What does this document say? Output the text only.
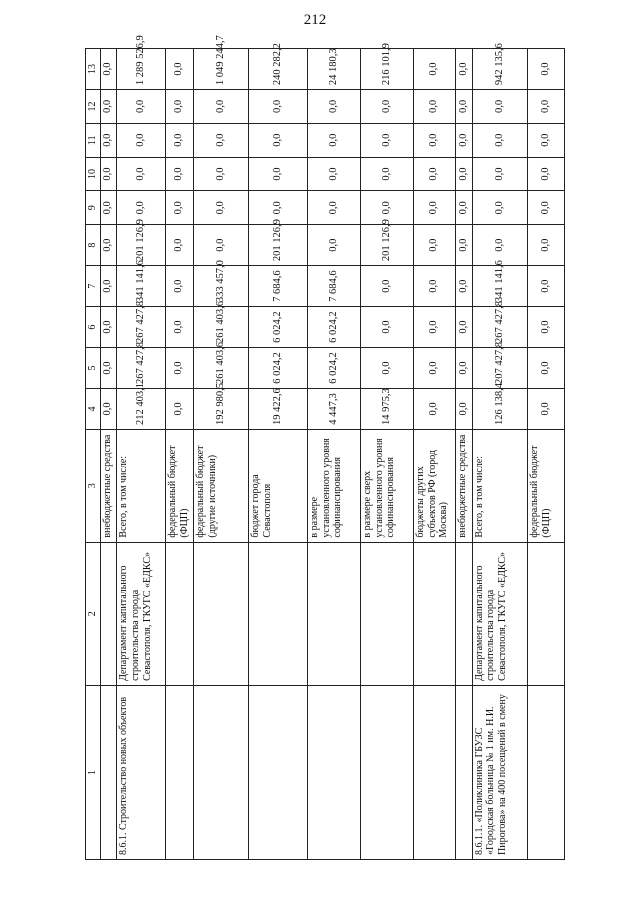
212
1	2	3	4	5	6	7	8	9	10	11	12	13
		внебюджетные средства	0,0	0,0	0,0	0,0	0,0	0,0	0,0	0,0	0,0	0,0
8.6.1. Строительство новых объектов	Департамент капитального строительства города Севастополя, ГКУГС «ЕДКС»	Всего, в том числе:	212 403,1	267 427,8	267 427,8	341 141,6	201 126,9	0,0	0,0	0,0	0,0	1 289 526,9
		федеральный бюджет (ФЦП)	0,0	0,0	0,0	0,0	0,0	0,0	0,0	0,0	0,0	0,0
		федеральный бюджет (другие источники)	192 980,5	261 403,6	261 403,6	333 457,0	0,0	0,0	0,0	0,0	0,0	1 049 244,7
		бюджет города Севастополя	19 422,6	6 024,2	6 024,2	7 684,6	201 126,9	0,0	0,0	0,0	0,0	240 282,2
		в размере установленного уровня софинансирования	4 447,3	6 024,2	6 024,2	7 684,6	0,0	0,0	0,0	0,0	0,0	24 180,3
		в размере сверх установленного уровня софинансирования	14 975,3	0,0	0,0	0,0	201 126,9	0,0	0,0	0,0	0,0	216 101,9
		бюджеты других субъектов РФ (город Москва)	0,0	0,0	0,0	0,0	0,0	0,0	0,0	0,0	0,0	0,0
		внебюджетные средства	0,0	0,0	0,0	0,0	0,0	0,0	0,0	0,0	0,0	0,0
8.6.1.1. «Поликлиника ГБУЗС «Городская больница № 1 им. Н.И. Пирогова» на 400 посещений в смену	Департамент капитального строительства города Севастополя, ГКУГС «ЕДКС»	Всего, в том числе:	126 138,4	207 427,8	267 427,8	341 141,6	0,0	0,0	0,0	0,0	0,0	942 135,6
		федеральный бюджет (ФЦП)	0,0	0,0	0,0	0,0	0,0	0,0	0,0	0,0	0,0	0,0
